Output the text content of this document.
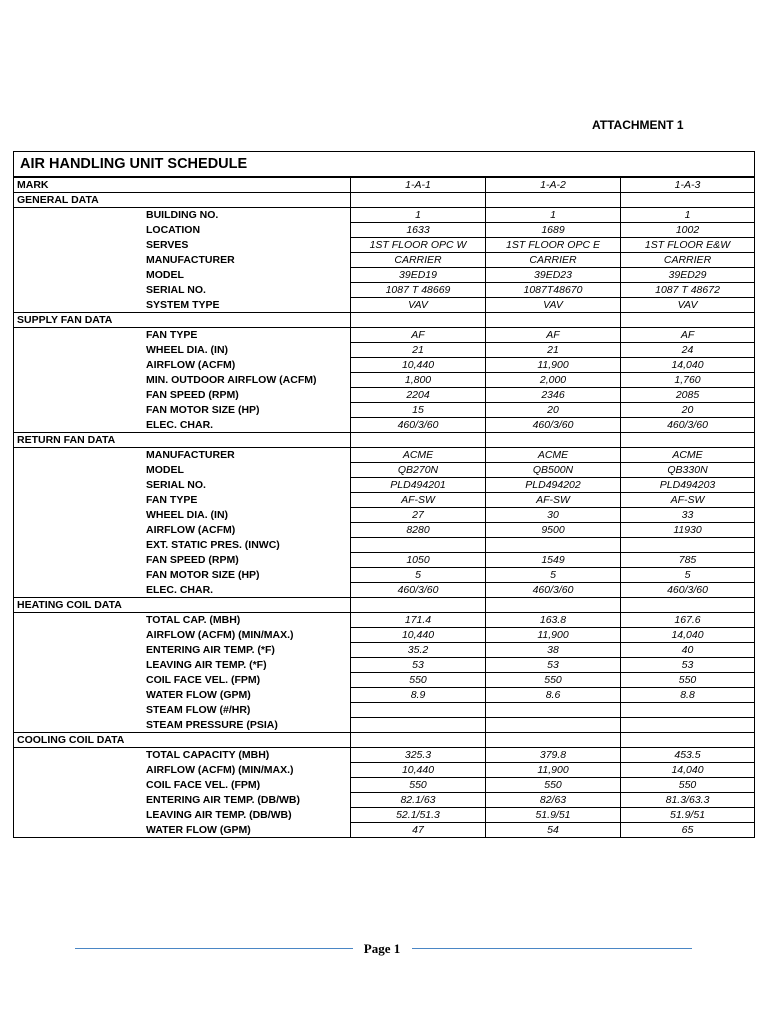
ATTACHMENT 1
AIR HANDLING UNIT SCHEDULE			
MARK	1-A-1	1-A-2	1-A-3
GENERAL DATA			
BUILDING NO.	1	1	1
LOCATION	1633	1689	1002
SERVES	1ST FLOOR OPC W	1ST FLOOR OPC E	1ST FLOOR E&W
MANUFACTURER	CARRIER	CARRIER	CARRIER
MODEL	39ED19	39ED23	39ED29
SERIAL NO.	1087 T 48669	1087T48670	1087 T 48672
SYSTEM TYPE	VAV	VAV	VAV
SUPPLY FAN DATA			
FAN TYPE	AF	AF	AF
WHEEL DIA. (IN)	21	21	24
AIRFLOW (ACFM)	10,440	11,900	14,040
MIN. OUTDOOR AIRFLOW (ACFM)	1,800	2,000	1,760
FAN SPEED (RPM)	2204	2346	2085
FAN MOTOR SIZE (HP)	15	20	20
ELEC. CHAR.	460/3/60	460/3/60	460/3/60
RETURN FAN DATA			
MANUFACTURER	ACME	ACME	ACME
MODEL	QB270N	QB500N	QB330N
SERIAL NO.	PLD494201	PLD494202	PLD494203
FAN TYPE	AF-SW	AF-SW	AF-SW
WHEEL DIA. (IN)	27	30	33
AIRFLOW (ACFM)	8280	9500	11930
EXT. STATIC PRES. (INWC)			
FAN SPEED (RPM)	1050	1549	785
FAN MOTOR SIZE (HP)	5	5	5
ELEC. CHAR.	460/3/60	460/3/60	460/3/60
HEATING COIL DATA			
TOTAL CAP. (MBH)	171.4	163.8	167.6
AIRFLOW (ACFM) (MIN/MAX.)	10,440	11,900	14,040
ENTERING AIR TEMP. (*F)	35.2	38	40
LEAVING AIR TEMP. (*F)	53	53	53
COIL FACE VEL. (FPM)	550	550	550
WATER FLOW (GPM)	8.9	8.6	8.8
STEAM FLOW (#/HR)			
STEAM PRESSURE (PSIA)			
COOLING COIL DATA			
TOTAL CAPACITY (MBH)	325.3	379.8	453.5
AIRFLOW (ACFM) (MIN/MAX.)	10,440	11,900	14,040
COIL FACE VEL. (FPM)	550	550	550
ENTERING AIR TEMP. (DB/WB)	82.1/63	82/63	81.3/63.3
LEAVING AIR TEMP. (DB/WB)	52.1/51.3	51.9/51	51.9/51
WATER FLOW (GPM)	47	54	65
Page 1
